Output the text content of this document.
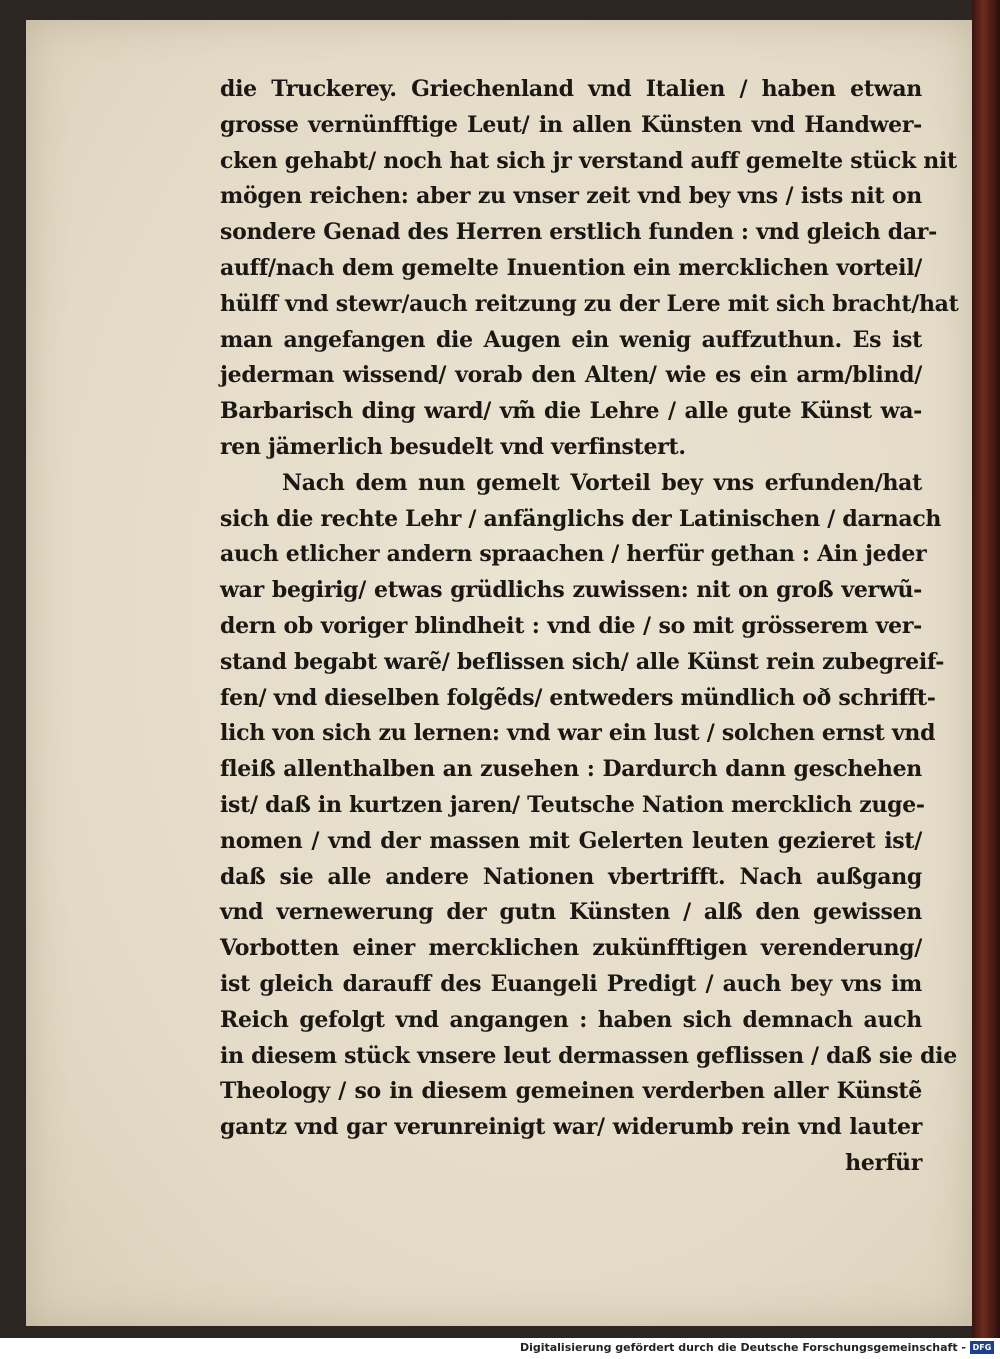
die Truckerey. Griechenland vnd Italien / haben etwan
grosse vernünfftige Leut/ in allen Künsten vnd Handwer-
cken gehabt/ noch hat sich jr verstand auff gemelte stück nit
mögen reichen: aber zu vnser zeit vnd bey vns / ists nit on
sondere Genad des Herren erstlich funden : vnd gleich dar-
auff/nach dem gemelte Inuention ein mercklichen vorteil/
hülff vnd stewr/auch reitzung zu der Lere mit sich bracht/hat
man angefangen die Augen ein wenig auffzuthun. Es ist
jederman wissend/ vorab den Alten/ wie es ein arm/blind/
Barbarisch ding ward/ vm̃ die Lehre / alle gute Künst wa-
ren jämerlich besudelt vnd verfinstert.
Nach dem nun gemelt Vorteil bey vns erfunden/hat
sich die rechte Lehr / anfänglichs der Latinischen / darnach
auch etlicher andern spraachen / herfür gethan : Ain jeder
war begirig/ etwas grüdlichs zuwissen: nit on groß verwũ-
dern ob voriger blindheit : vnd die / so mit grösserem ver-
stand begabt warẽ/ beflissen sich/ alle Künst rein zubegreif-
fen/ vnd dieselben folgẽds/ entweders mündlich oð schrifft-
lich von sich zu lernen: vnd war ein lust / solchen ernst vnd
fleiß allenthalben an zusehen : Dardurch dann geschehen
ist/ daß in kurtzen jaren/ Teutsche Nation mercklich zuge-
nomen / vnd der massen mit Gelerten leuten gezieret ist/
daß sie alle andere Nationen vbertrifft. Nach außgang
vnd vernewerung der gutn Künsten / alß den gewissen
Vorbotten einer mercklichen zukünfftigen verenderung/
ist gleich darauff des Euangeli Predigt / auch bey vns im
Reich gefolgt vnd angangen : haben sich demnach auch
in diesem stück vnsere leut dermassen geflissen / daß sie die
Theology / so in diesem gemeinen verderben aller Künstẽ
gantz vnd gar verunreinigt war/ widerumb rein vnd lauter
herfür
Digitalisierung gefördert durch die Deutsche Forschungsgemeinschaft - DFG
